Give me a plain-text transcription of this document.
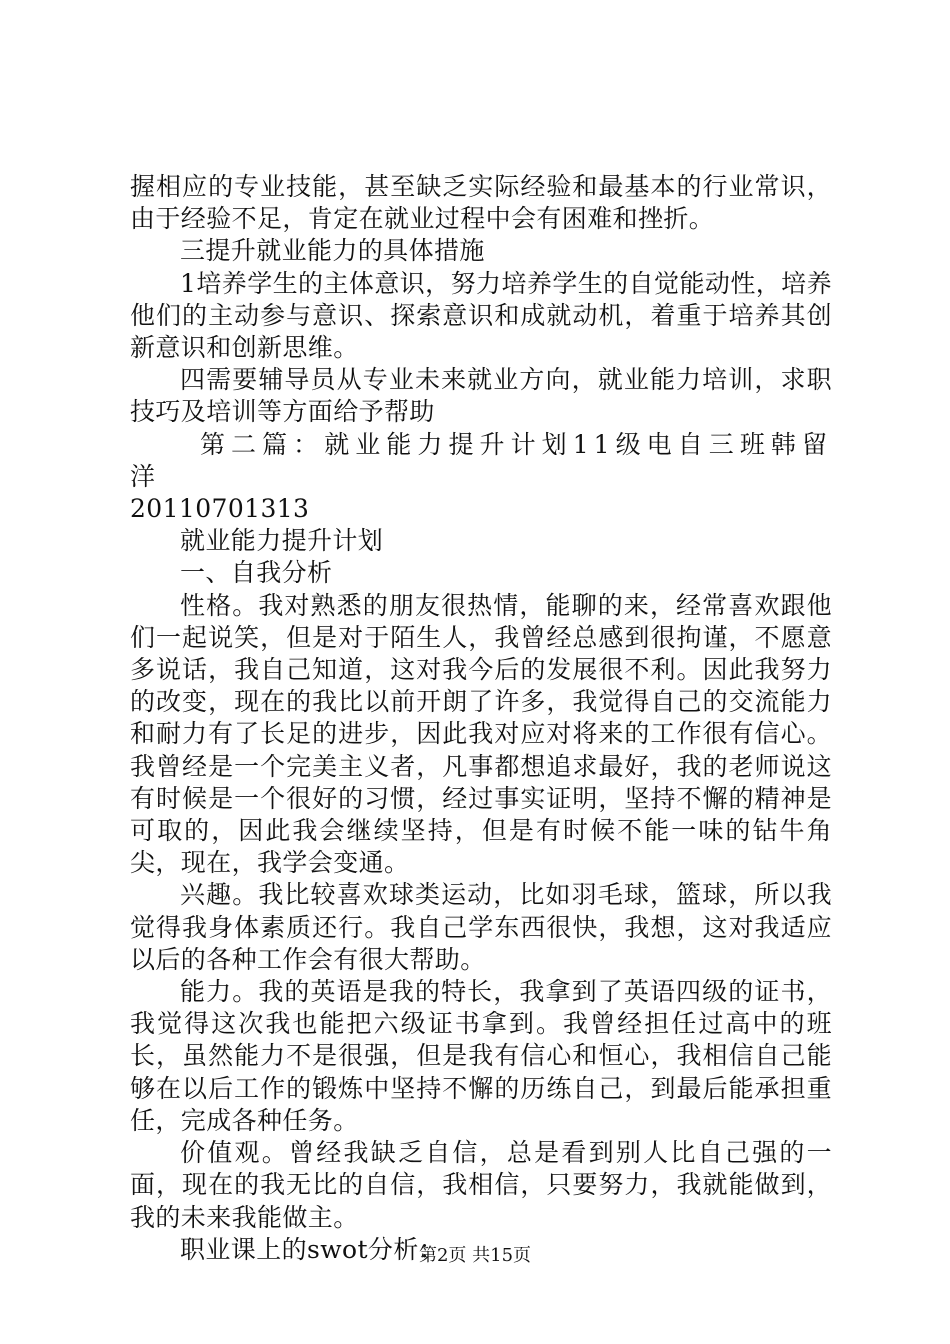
握相应的专业技能，甚至缺乏实际经验和最基本的行业常识，由于经验不足，肯定在就业过程中会有困难和挫折。

三提升就业能力的具体措施

1培养学生的主体意识，努力培养学生的自觉能动性，培养他们的主动参与意识、探索意识和成就动机，着重于培养其创新意识和创新思维。

四需要辅导员从专业未来就业方向，就业能力培训，求职技巧及培训等方面给予帮助

第二篇：就业能力提升计划11级电自三班韩留洋

20110701313

就业能力提升计划

一、自我分析

性格。我对熟悉的朋友很热情，能聊的来，经常喜欢跟他们一起说笑，但是对于陌生人，我曾经总感到很拘谨，不愿意多说话，我自己知道，这对我今后的发展很不利。因此我努力的改变，现在的我比以前开朗了许多，我觉得自己的交流能力和耐力有了长足的进步，因此我对应对将来的工作很有信心。我曾经是一个完美主义者，凡事都想追求最好，我的老师说这有时候是一个很好的习惯，经过事实证明，坚持不懈的精神是可取的，因此我会继续坚持，但是有时候不能一味的钻牛角尖，现在，我学会变通。

兴趣。我比较喜欢球类运动，比如羽毛球，篮球，所以我觉得我身体素质还行。我自己学东西很快，我想，这对我适应以后的各种工作会有很大帮助。

能力。我的英语是我的特长，我拿到了英语四级的证书，我觉得这次我也能把六级证书拿到。我曾经担任过高中的班长，虽然能力不是很强，但是我有信心和恒心，我相信自己能够在以后工作的锻炼中坚持不懈的历练自己，到最后能承担重任，完成各种任务。

价值观。曾经我缺乏自信，总是看到别人比自己强的一面，现在的我无比的自信，我相信，只要努力，我就能做到，我的未来我能做主。

职业课上的swot分析：

第2页 共15页
